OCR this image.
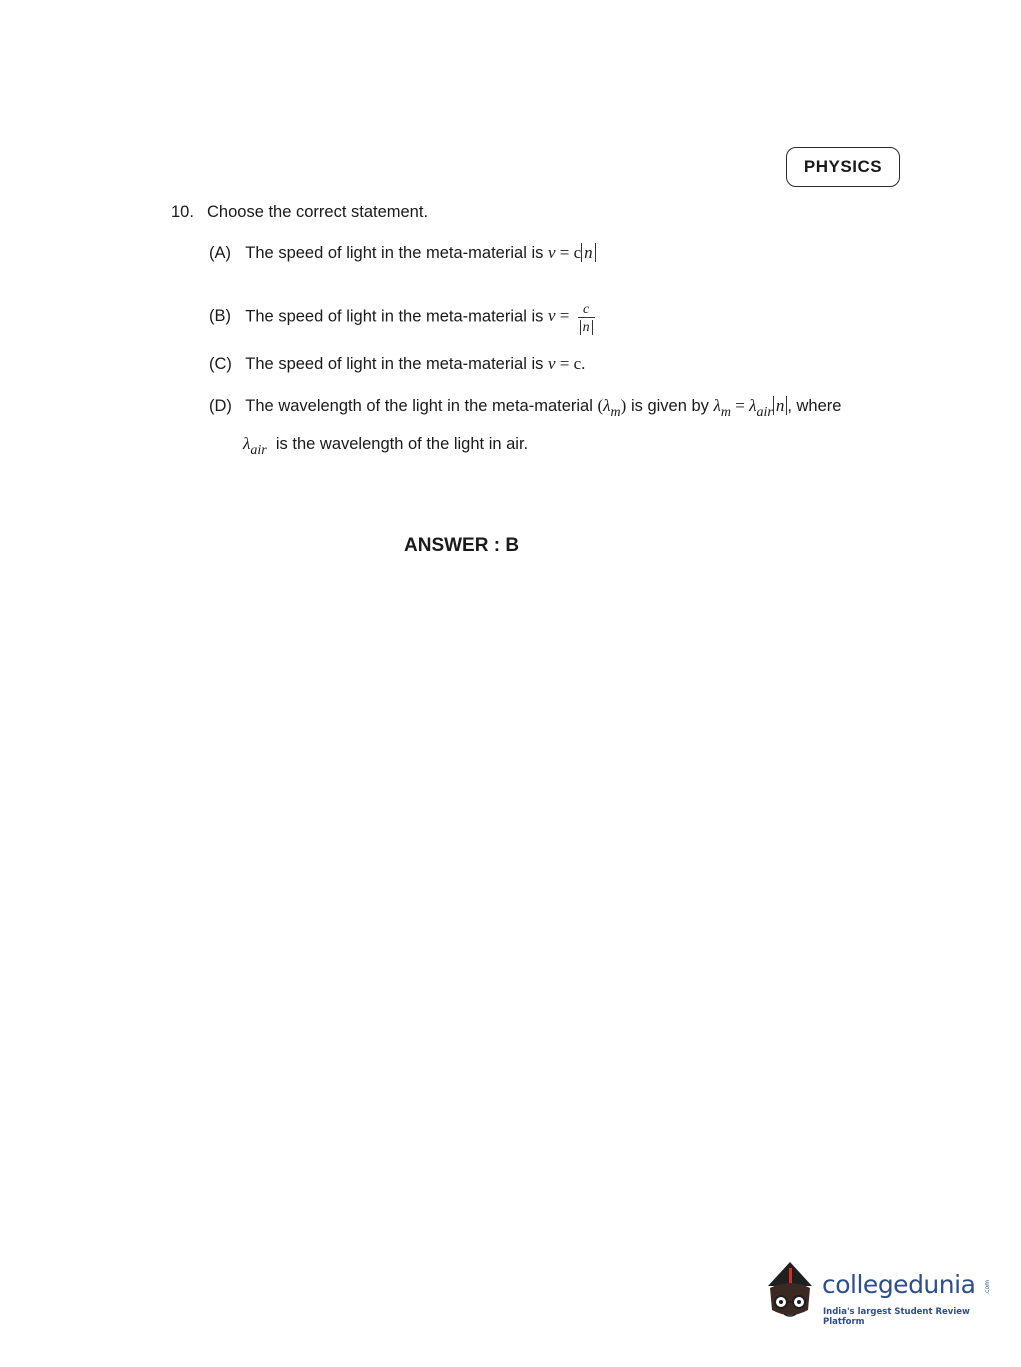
PHYSICS
10. Choose the correct statement.
(A) The speed of light in the meta-material is v = c n
(B) The speed of light in the meta-material is $v = \frac{c}{n}$
(C) The speed of light in the meta-material is v = c.
(D) The wavelength of the light in the meta-material $(\lambda_m)$ is given by $\lambda_m = \lambda_{air}$ n , where
$\lambda_{air}$ is the wavelength of the light in air.
ANSWER : B
collegedunia .com
India's largest Student Review Platform
